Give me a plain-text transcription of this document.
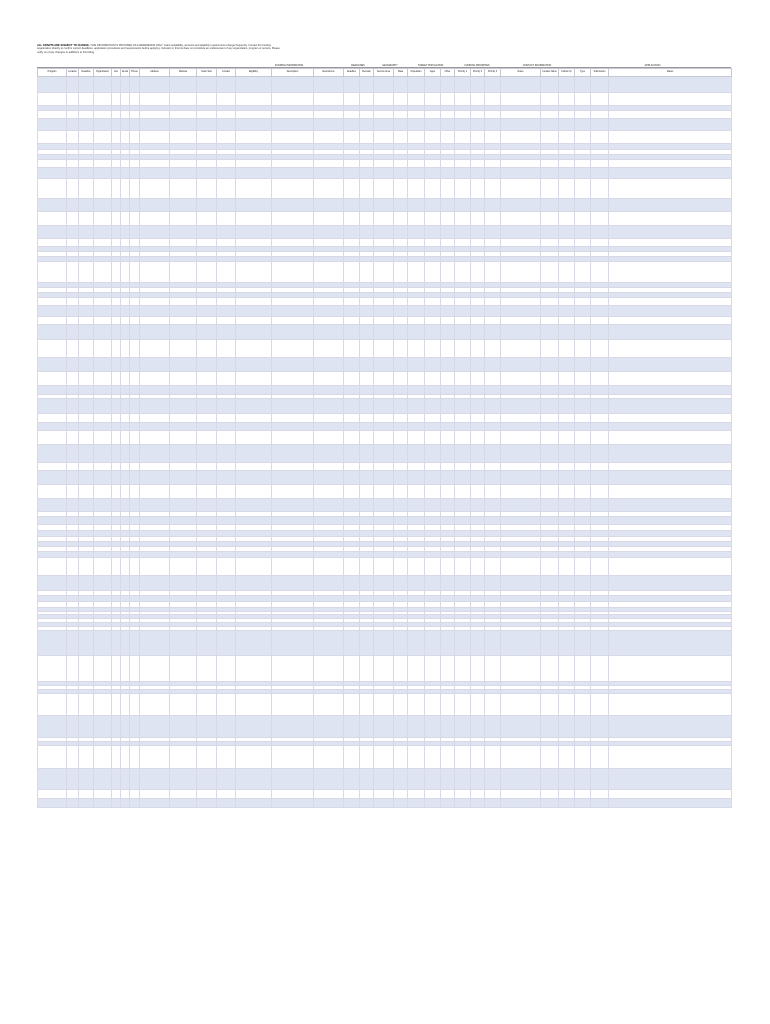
ALL GRANTS ARE SUBJECT TO CHANGE. THIS INFORMATION IS PROVIDED AS A REFERENCE ONLY. Grant availability, amounts and eligibility requirements change frequently. Contact the funding organization directly to confirm current deadlines, application procedures and requirements before applying. Inclusion in this list does not constitute an endorsement of any organization, program or service. Please notify us of any changes or additions to this listing.
FUNDING INFORMATION	DEADLINES	GEOGRAPHY	TARGET POPULATION	FUNDING PRIORITIES	CONTACT INFORMATION	APPLICATION
Program	Location	Deadline	Organization	Fax	Email	Phone	Address	Website	Grant Size	Contact	Eligibility	Description	Restrictions	Deadline	Decision	Service Area	State	Population	Ages	Other	Priority 1	Priority 2	Priority 3	Notes	Contact Name	Follow Up	Type	Submission	Status
